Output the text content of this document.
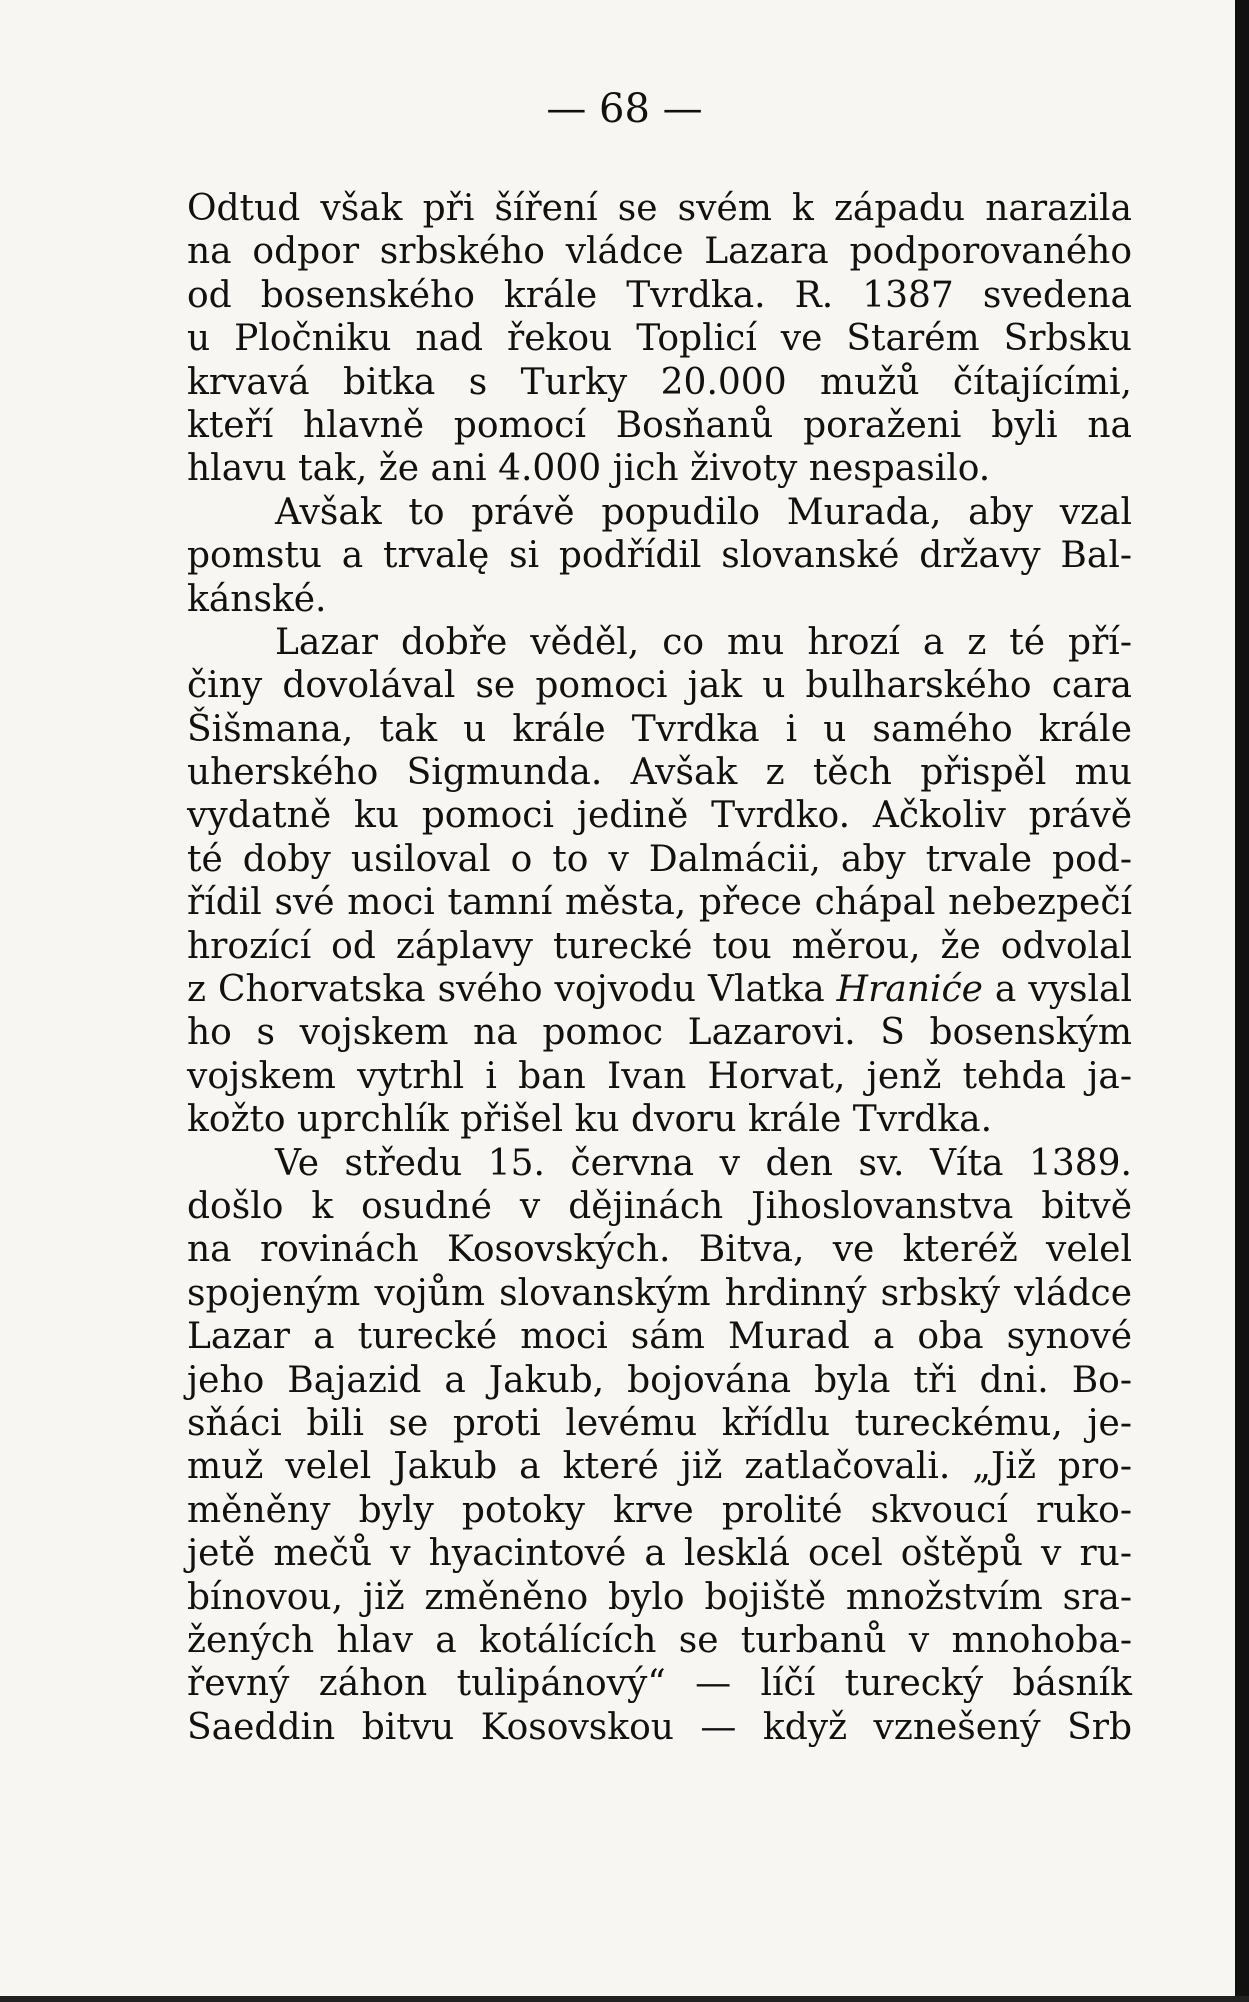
— 68 —
Odtud však při šíření se svém k západu narazila
na odpor srbského vládce Lazara podporovaného
od bosenského krále Tvrdka. R. 1387 svedena
u Pločniku nad řekou Toplicí ve Starém Srbsku
krvavá bitka s Turky 20.000 mužů čítajícími,
kteří hlavně pomocí Bosňanů poraženi byli na
hlavu tak, že ani 4.000 jich životy nespasilo.
Avšak to právě popudilo Murada, aby vzal
pomstu a trvalę si podřídil slovanské državy Bal-
kánské.
Lazar dobře věděl, co mu hrozí a z té pří-
činy dovolával se pomoci jak u bulharského cara
Šišmana, tak u krále Tvrdka i u samého krále
uherského Sigmunda. Avšak z těch přispěl mu
vydatně ku pomoci jedině Tvrdko. Ačkoliv právě
té doby usiloval o to v Dalmácii, aby trvale pod-
řídil své moci tamní města, přece chápal nebezpečí
hrozící od záplavy turecké tou měrou, že odvolal
z Chorvatska svého vojvodu Vlatka Hraniće a vyslal
ho s vojskem na pomoc Lazarovi. S bosenským
vojskem vytrhl i ban Ivan Horvat, jenž tehda ja-
kožto uprchlík přišel ku dvoru krále Tvrdka.
Ve středu 15. června v den sv. Víta 1389.
došlo k osudné v dějinách Jihoslovanstva bitvě
na rovinách Kosovských. Bitva, ve kteréž velel
spojeným vojům slovanským hrdinný srbský vládce
Lazar a turecké moci sám Murad a oba synové
jeho Bajazid a Jakub, bojována byla tři dni. Bo-
sňáci bili se proti levému křídlu tureckému, je-
muž velel Jakub a které již zatlačovali. „Již pro-
měněny byly potoky krve prolité skvoucí ruko-
jetě mečů v hyacintové a lesklá ocel oštěpů v ru-
bínovou, již změněno bylo bojiště množstvím sra-
žených hlav a kotálících se turbanů v mnohoba-
řevný záhon tulipánový“ — líčí turecký básník
Saeddin bitvu Kosovskou — když vznešený Srb
